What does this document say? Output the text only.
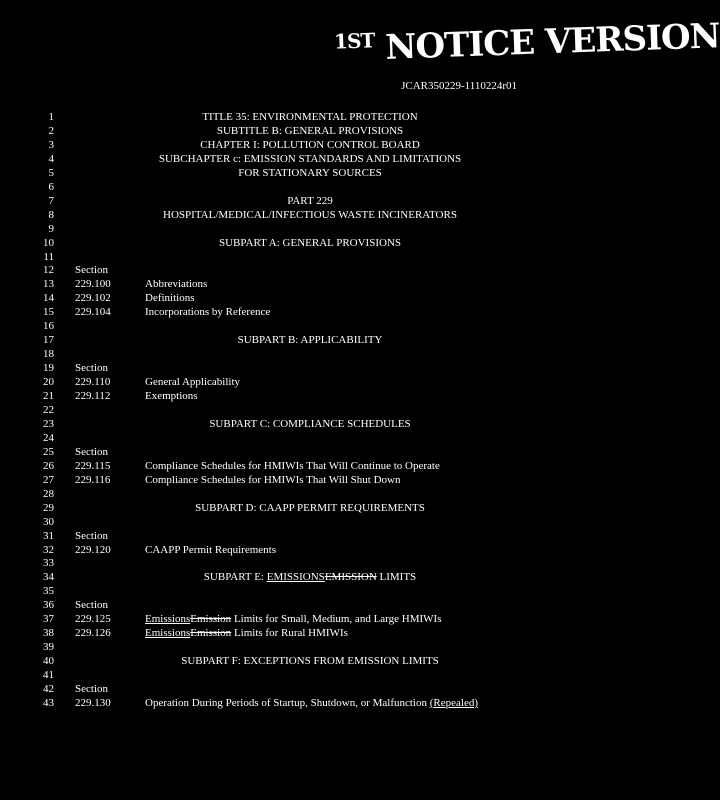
$^{1ST}$ NOTICE VERSION
JCAR350229-1110224r01
1	TITLE 35: ENVIRONMENTAL PROTECTION
2	SUBTITLE B: GENERAL PROVISIONS
3	CHAPTER I: POLLUTION CONTROL BOARD
4	SUBCHAPTER c: EMISSION STANDARDS AND LIMITATIONS
5	FOR STATIONARY SOURCES
6
7	PART 229
8	HOSPITAL/MEDICAL/INFECTIOUS WASTE INCINERATORS
9
10	SUBPART A: GENERAL PROVISIONS
11
12 Section
13 229.100	Abbreviations
14 229.102	Definitions
15 229.104	Incorporations by Reference
16
17	SUBPART B: APPLICABILITY
18
19 Section
20 229.110	General Applicability
21 229.112	Exemptions
22
23	SUBPART C: COMPLIANCE SCHEDULES
24
25 Section
26 229.115	Compliance Schedules for HMIWIs That Will Continue to Operate
27 229.116	Compliance Schedules for HMIWIs That Will Shut Down
28
29	SUBPART D: CAAPP PERMIT REQUIREMENTS
30
31 Section
32 229.120	CAAPP Permit Requirements
33
34	SUBPART E: EMISSIONSEMISSION LIMITS
35
36 Section
37 229.125	EmissionsEmission Limits for Small, Medium, and Large HMIWIs
38 229.126	EmissionsEmission Limits for Rural HMIWIs
39
40	SUBPART F: EXCEPTIONS FROM EMISSION LIMITS
41
42 Section
43 229.130	Operation During Periods of Startup, Shutdown, or Malfunction (Repealed)
